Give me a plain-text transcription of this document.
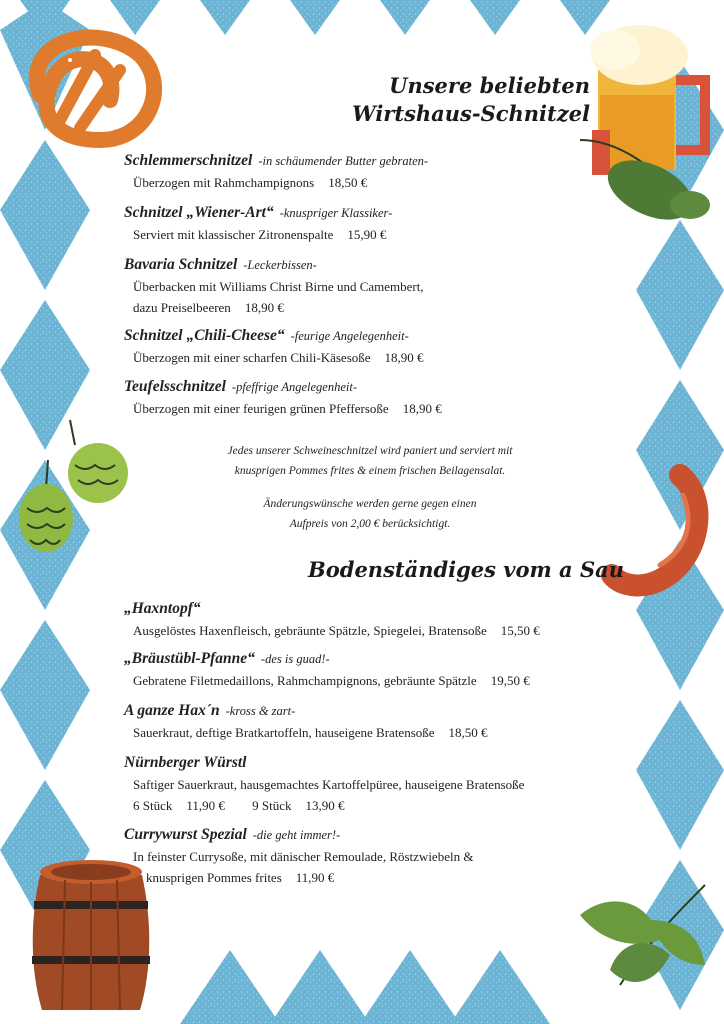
Unsere beliebten
Wirtshaus-Schnitzel
Schlemmerschnitzel -in schäumender Butter gebraten-
Überzogen mit Rahmchampignons 18,50 €
Schnitzel „Wiener-Art“ -knuspriger Klassiker-
Serviert mit klassischer Zitronenspalte 15,90 €
Bavaria Schnitzel -Leckerbissen-
Überbacken mit Williams Christ Birne und Camembert,
dazu Preiselbeeren 18,90 €
Schnitzel „Chili-Cheese“ -feurige Angelegenheit-
Überzogen mit einer scharfen Chili-Käsesoße 18,90 €
Teufelsschnitzel -pfeffrige Angelegenheit-
Überzogen mit einer feurigen grünen Pfeffersoße 18,90 €
Jedes unserer Schweineschnitzel wird paniert und serviert mit
knusprigen Pommes frites & einem frischen Beilagensalat.
Änderungswünsche werden gerne gegen einen
Aufpreis von 2,00 € berücksichtigt.
Bodenständiges vom a Sau
„Haxntopf“
Ausgelöstes Haxenfleisch, gebräunte Spätzle, Spiegelei, Bratensoße 15,50 €
„Bräustübl-Pfanne“ -des is guad!-
Gebratene Filetmedaillons, Rahmchampignons, gebräunte Spätzle 19,50 €
A ganze Hax´n -kross & zart-
Sauerkraut, deftige Bratkartoffeln, hauseigene Bratensoße 18,50 €
Nürnberger Würstl
Saftiger Sauerkraut, hausgemachtes Kartoffelpüree, hauseigene Bratensoße
6 Stück 11,90 € 9 Stück 13,90 €
Currywurst Spezial -die geht immer!-
In feinster Currysoße, mit dänischer Remoulade, Röstzwiebeln &
knusprigen Pommes frites 11,90 €
